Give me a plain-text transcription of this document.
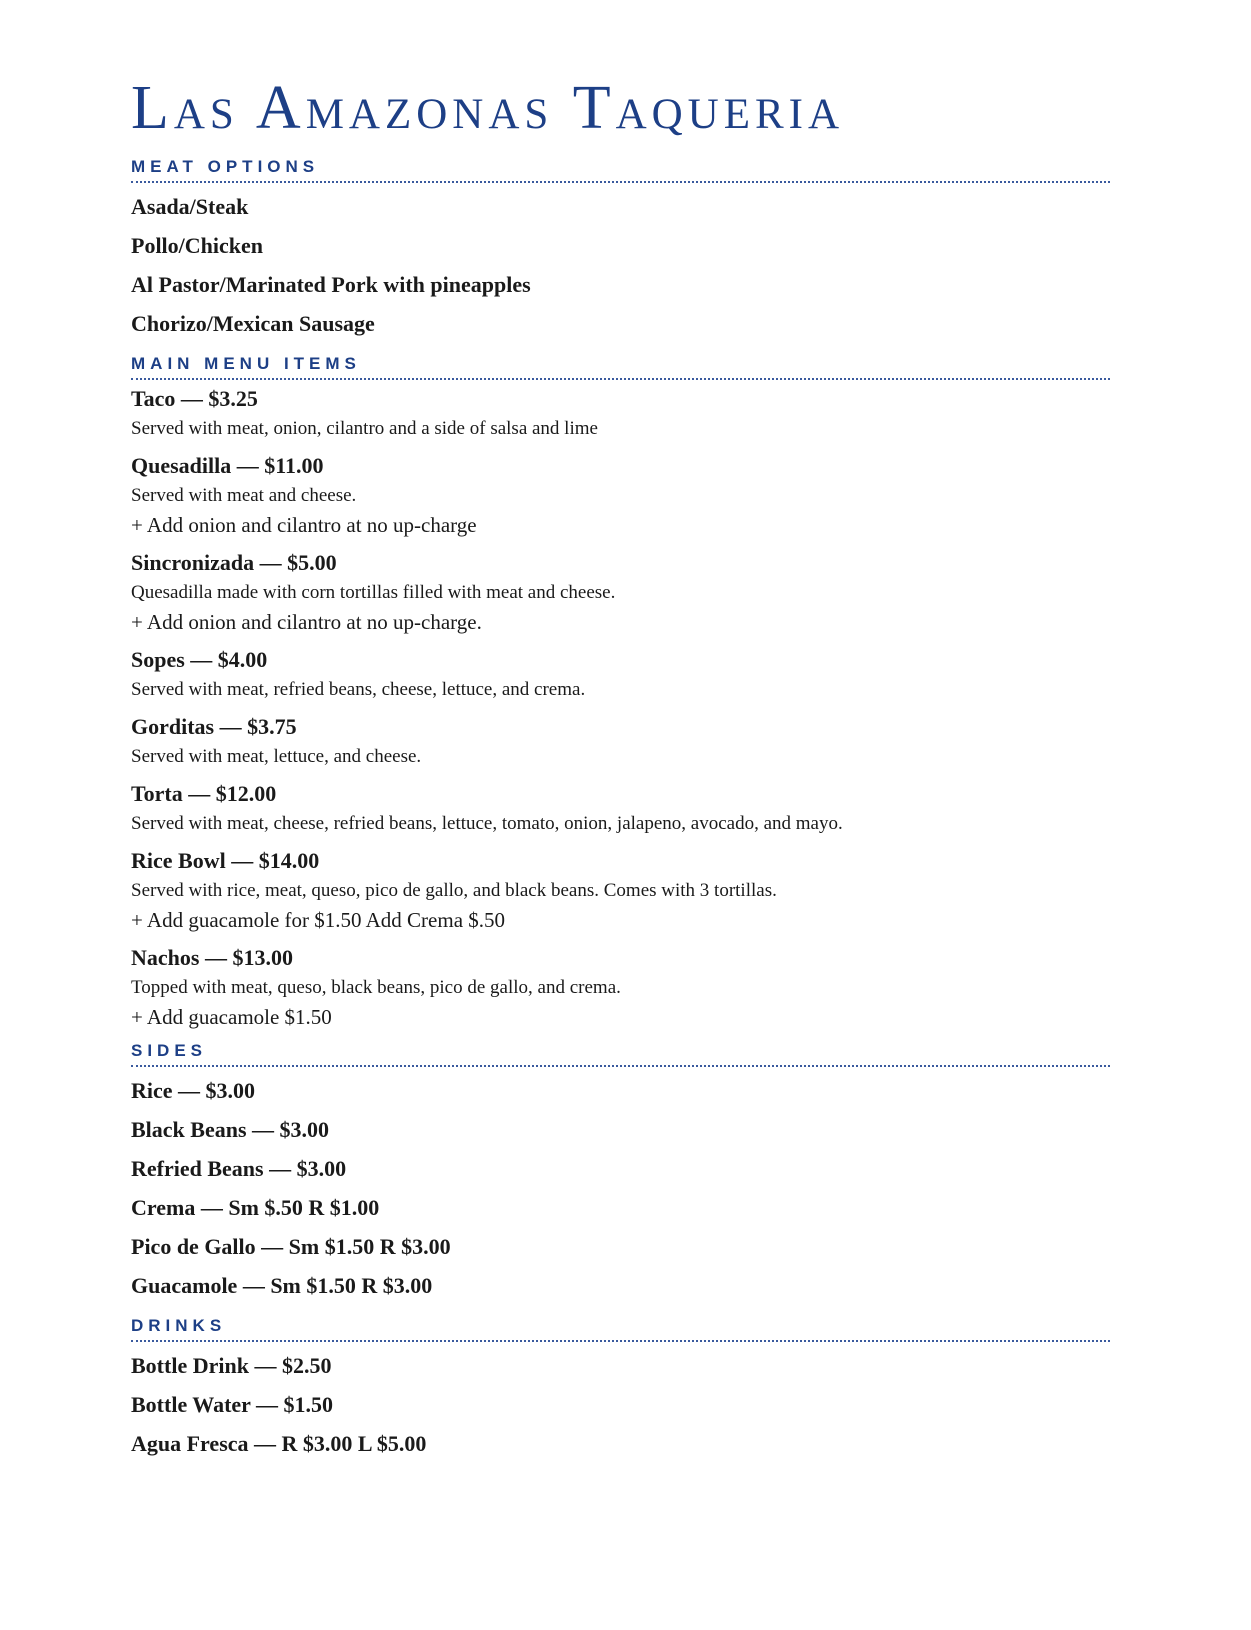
Las Amazonas Taqueria
MEAT OPTIONS
Asada/Steak
Pollo/Chicken
Al Pastor/Marinated Pork with pineapples
Chorizo/Mexican Sausage
MAIN MENU ITEMS
Taco — $3.25
Served with meat, onion, cilantro and a side of salsa and lime
Quesadilla — $11.00
Served with meat and cheese.
+ Add onion and cilantro at no up-charge
Sincronizada — $5.00
Quesadilla made with corn tortillas filled with meat and cheese.
+ Add onion and cilantro at no up-charge.
Sopes — $4.00
Served with meat, refried beans, cheese, lettuce, and crema.
Gorditas — $3.75
Served with meat, lettuce, and cheese.
Torta — $12.00
Served with meat, cheese, refried beans, lettuce, tomato, onion, jalapeno, avocado, and mayo.
Rice Bowl — $14.00
Served with rice, meat, queso, pico de gallo, and black beans. Comes with 3 tortillas.
+ Add guacamole for $1.50 Add Crema $.50
Nachos — $13.00
Topped with meat, queso, black beans, pico de gallo, and crema.
+ Add guacamole $1.50
SIDES
Rice — $3.00
Black Beans — $3.00
Refried Beans — $3.00
Crema — Sm $.50 R $1.00
Pico de Gallo — Sm $1.50 R $3.00
Guacamole — Sm $1.50 R $3.00
DRINKS
Bottle Drink — $2.50
Bottle Water — $1.50
Agua Fresca — R $3.00 L $5.00
